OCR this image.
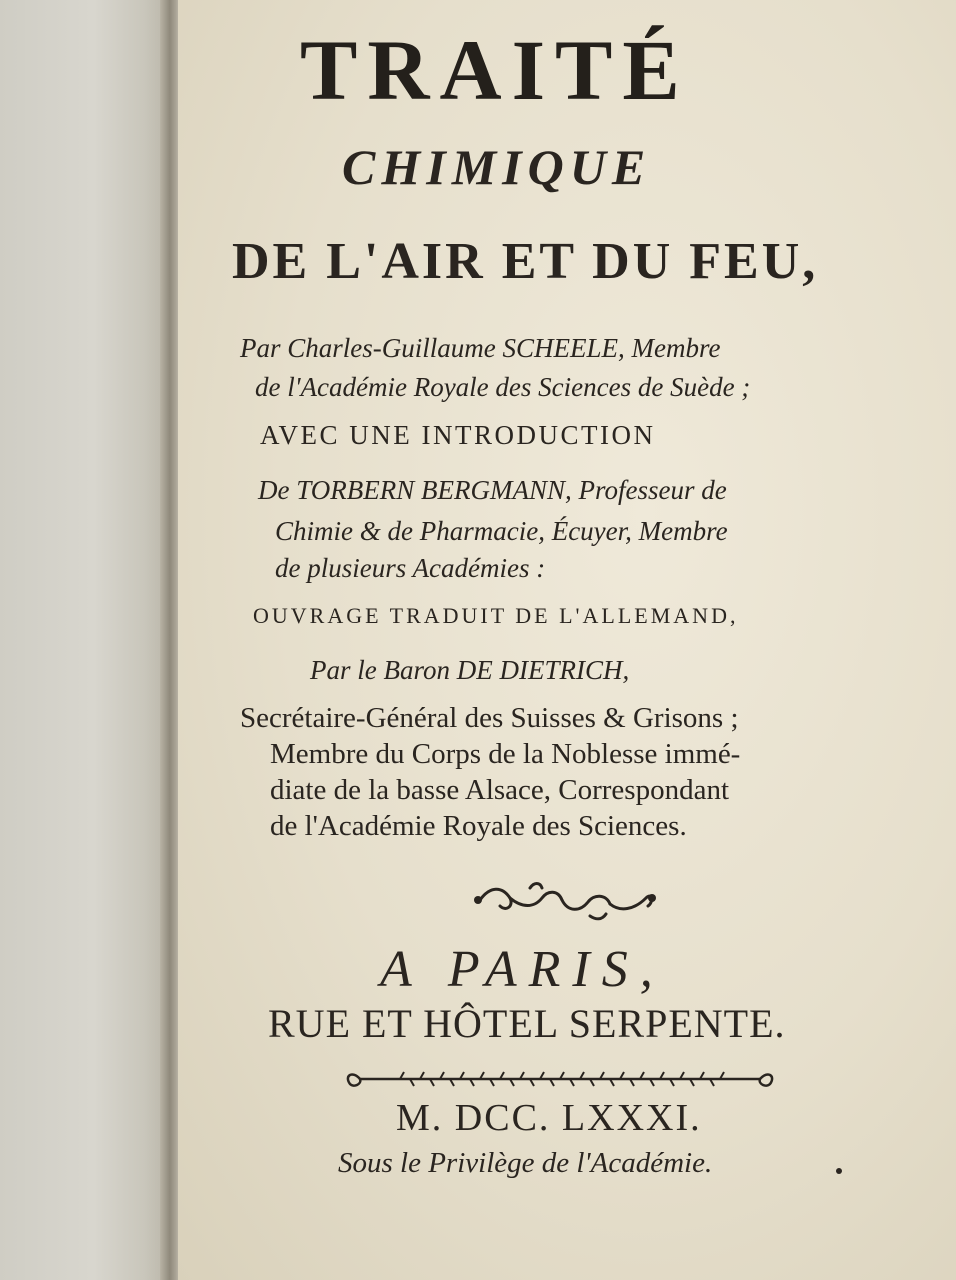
TRAITÉ
CHIMIQUE
DE L'AIR ET DU FEU,
Par Charles-Guillaume SCHEELE, Membre
de l'Académie Royale des Sciences de Suède ;
AVEC UNE INTRODUCTION
De TORBERN BERGMANN, Professeur de
Chimie & de Pharmacie, Écuyer, Membre
de plusieurs Académies :
OUVRAGE TRADUIT DE L'ALLEMAND,
Par le Baron DE DIETRICH,
Secrétaire-Général des Suisses & Grisons ;
Membre du Corps de la Noblesse immé-
diate de la basse Alsace, Correspondant
de l'Académie Royale des Sciences.
A PARIS,
RUE ET HÔTEL SERPENTE.
M. DCC. LXXXI.
Sous le Privilège de l'Académie.
